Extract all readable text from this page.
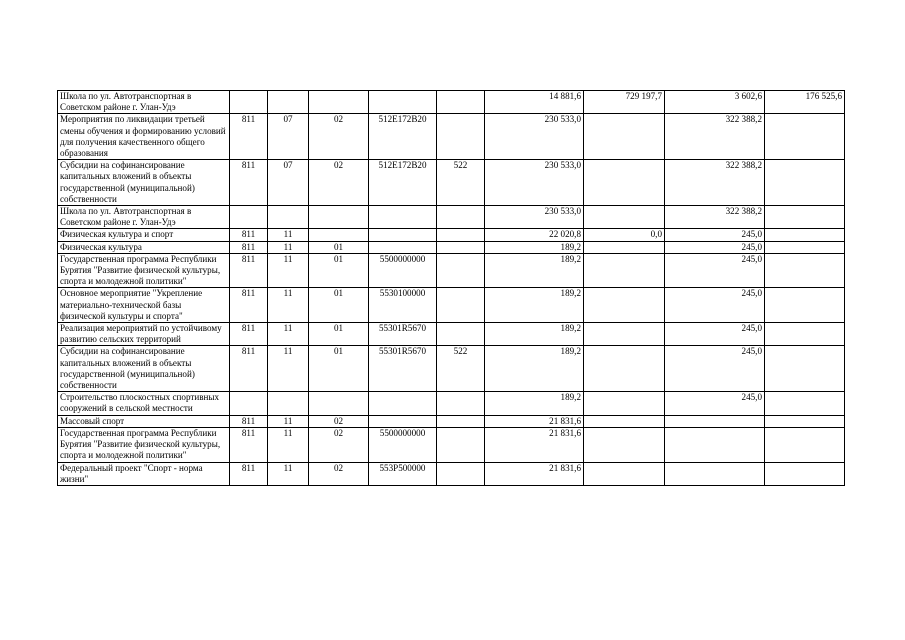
Школа по ул. Автотранспортная в Советском районе г. Улан-Удэ						14 881,6	729 197,7	3 602,6	176 525,6
Мероприятия по ликвидации третьей смены обучения и формированию условий для получения качественного общего образования	811	07	02	512E172B20		230 533,0		322 388,2	
Субсидии на софинансирование капитальных вложений в объекты государственной (муниципальной) собственности	811	07	02	512E172B20	522	230 533,0		322 388,2	
Школа по ул. Автотранспортная в Советском районе г. Улан-Удэ						230 533,0		322 388,2	
Физическая культура и спорт	811	11				22 020,8	0,0	245,0	
Физическая культура	811	11	01			189,2		245,0	
Государственная программа Республики Бурятия "Развитие физической культуры, спорта и молодежной политики"	811	11	01	5500000000		189,2		245,0	
Основное мероприятие "Укрепление материально-технической базы физической культуры и спорта"	811	11	01	5530100000		189,2		245,0	
Реализация мероприятий по устойчивому развитию сельских территорий	811	11	01	55301R5670		189,2		245,0	
Субсидии на софинансирование капитальных вложений в объекты государственной (муниципальной) собственности	811	11	01	55301R5670	522	189,2		245,0	
Строительство плоскостных спортивных сооружений в сельской местности						189,2		245,0	
Массовый спорт	811	11	02			21 831,6			
Государственная программа Республики Бурятия "Развитие физической культуры, спорта и молодежной политики"	811	11	02	5500000000		21 831,6			
Федеральный проект "Спорт - норма жизни"	811	11	02	553P500000		21 831,6			
